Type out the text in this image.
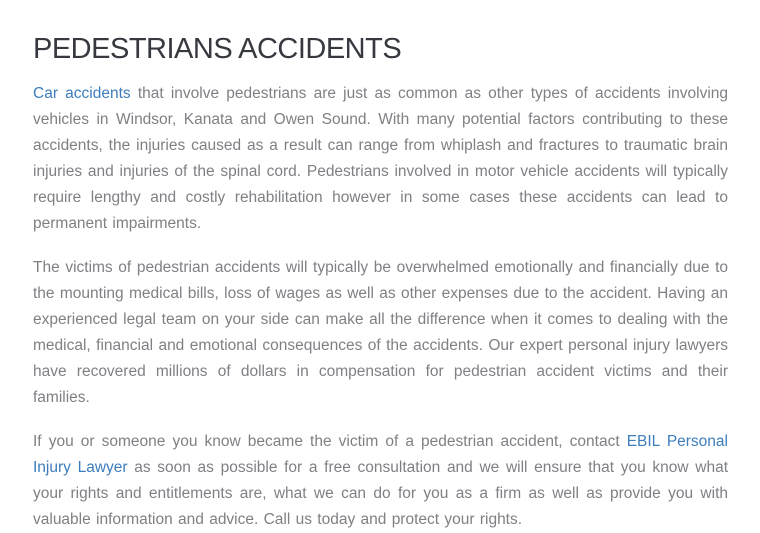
PEDESTRIANS ACCIDENTS

Car accidents that involve pedestrians are just as common as other types of accidents involving vehicles in Windsor, Kanata and Owen Sound. With many potential factors contributing to these accidents, the injuries caused as a result can range from whiplash and fractures to traumatic brain injuries and injuries of the spinal cord. Pedestrians involved in motor vehicle accidents will typically require lengthy and costly rehabilitation however in some cases these accidents can lead to permanent impairments.

The victims of pedestrian accidents will typically be overwhelmed emotionally and financially due to the mounting medical bills, loss of wages as well as other expenses due to the accident. Having an experienced legal team on your side can make all the difference when it comes to dealing with the medical, financial and emotional consequences of the accidents. Our expert personal injury lawyers have recovered millions of dollars in compensation for pedestrian accident victims and their families.

If you or someone you know became the victim of a pedestrian accident, contact EBIL Personal Injury Lawyer as soon as possible for a free consultation and we will ensure that you know what your rights and entitlements are, what we can do for you as a firm as well as provide you with valuable information and advice. Call us today and protect your rights.
